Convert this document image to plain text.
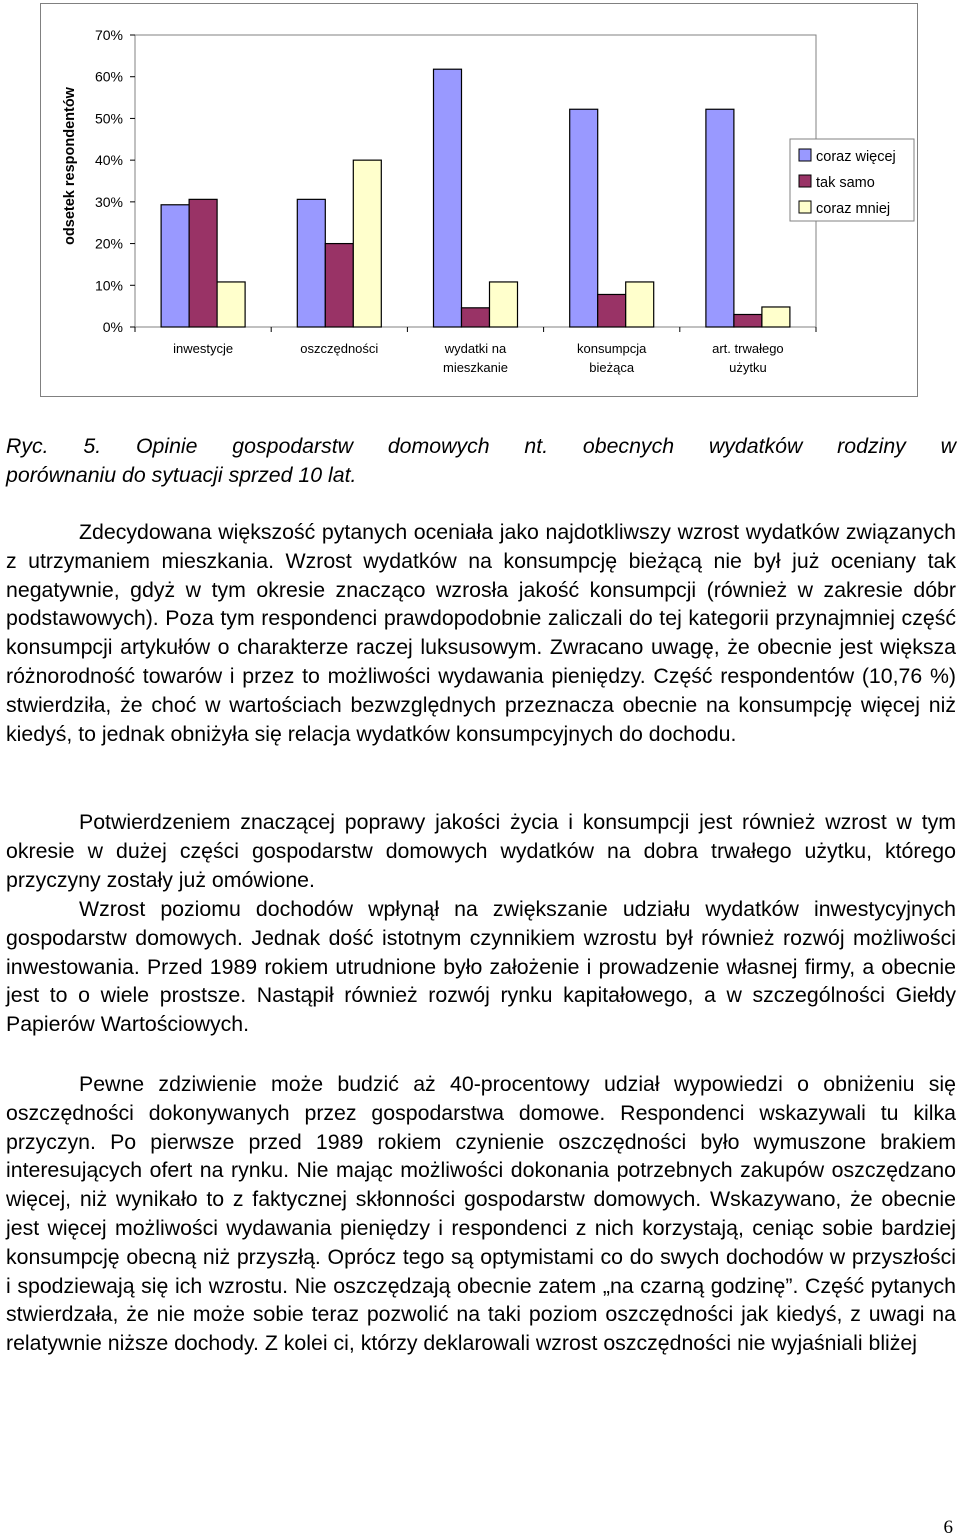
0%
10%
20%
30%
40%
50%
60%
70%
odsetek respondentów
inwestycje	oszczędności	wydatki na
mieszkanie
konsumpcja
bieżąca
art. trwałego
użytku
coraz więcej
tak samo
coraz mniej
Ryc. 5. Opinie gospodarstw domowych nt. obecnych wydatków rodziny w
porównaniu do sytuacji sprzed 10 lat.

Zdecydowana większość pytanych oceniała jako najdotkliwszy wzrost wydatków związanych z utrzymaniem mieszkania. Wzrost wydatków na konsumpcję bieżącą nie był już oceniany tak negatywnie, gdyż w tym okresie znacząco wzrosła jakość konsumpcji (również w zakresie dóbr podstawowych). Poza tym respondenci prawdopodobnie zaliczali do tej kategorii przynajmniej część konsumpcji artykułów o charakterze raczej luksusowym. Zwracano uwagę, że obecnie jest większa różnorodność towarów i przez to możliwości wydawania pieniędzy. Część respondentów (10,76 %) stwierdziła, że choć w wartościach bezwzględnych przeznacza obecnie na konsumpcję więcej niż kiedyś, to jednak obniżyła się relacja wydatków konsumpcyjnych do dochodu.

Potwierdzeniem znaczącej poprawy jakości życia i konsumpcji jest również wzrost w tym okresie w dużej części gospodarstw domowych wydatków na dobra trwałego użytku, którego przyczyny zostały już omówione.

Wzrost poziomu dochodów wpłynął na zwiększanie udziału wydatków inwestycyjnych gospodarstw domowych. Jednak dość istotnym czynnikiem wzrostu był również rozwój możliwości inwestowania. Przed 1989 rokiem utrudnione było założenie i prowadzenie własnej firmy, a obecnie jest to o wiele prostsze. Nastąpił również rozwój rynku kapitałowego, a w szczególności Giełdy Papierów Wartościowych.

Pewne zdziwienie może budzić aż 40-procentowy udział wypowiedzi o obniżeniu się oszczędności dokonywanych przez gospodarstwa domowe. Respondenci wskazywali tu kilka przyczyn. Po pierwsze przed 1989 rokiem czynienie oszczędności było wymuszone brakiem interesujących ofert na rynku. Nie mając możliwości dokonania potrzebnych zakupów oszczędzano więcej, niż wynikało to z faktycznej skłonności gospodarstw domowych. Wskazywano, że obecnie jest więcej możliwości wydawania pieniędzy i respondenci z nich korzystają, ceniąc sobie bardziej konsumpcję obecną niż przyszłą. Oprócz tego są optymistami co do swych dochodów w przyszłości i spodziewają się ich wzrostu. Nie oszczędzają obecnie zatem „na czarną godzinę”. Część pytanych stwierdzała, że nie może sobie teraz pozwolić na taki poziom oszczędności jak kiedyś, z uwagi na relatywnie niższe dochody. Z kolei ci, którzy deklarowali wzrost oszczędności nie wyjaśniali bliżej

6
